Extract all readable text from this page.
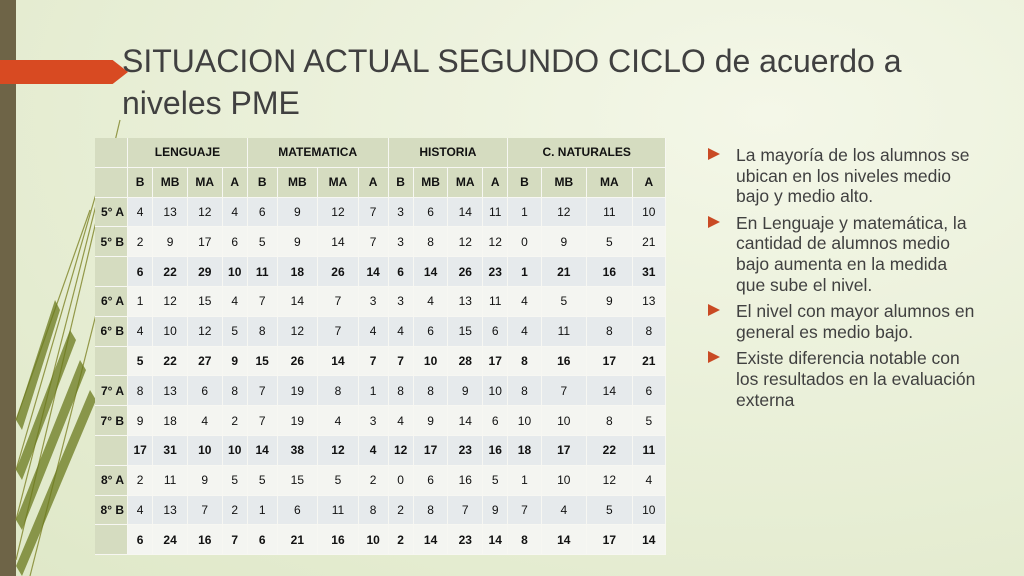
SITUACION ACTUAL SEGUNDO CICLO de acuerdo a niveles PME
	LENGUAJE				MATEMATICA				HISTORIA				C. NATURALES			
	B	MB	MA	A	B	MB	MA	A	B	MB	MA	A	B	MB	MA	A
5° A	4	13	12	4	6	9	12	7	3	6	14	11	1	12	11	10
5° B	2	9	17	6	5	9	14	7	3	8	12	12	0	9	5	21
	6	22	29	10	11	18	26	14	6	14	26	23	1	21	16	31
6° A	1	12	15	4	7	14	7	3	3	4	13	11	4	5	9	13
6° B	4	10	12	5	8	12	7	4	4	6	15	6	4	11	8	8
	5	22	27	9	15	26	14	7	7	10	28	17	8	16	17	21
7° A	8	13	6	8	7	19	8	1	8	8	9	10	8	7	14	6
7° B	9	18	4	2	7	19	4	3	4	9	14	6	10	10	8	5
	17	31	10	10	14	38	12	4	12	17	23	16	18	17	22	11
8° A	2	11	9	5	5	15	5	2	0	6	16	5	1	10	12	4
8° B	4	13	7	2	1	6	11	8	2	8	7	9	7	4	5	10
	6	24	16	7	6	21	16	10	2	14	23	14	8	14	17	14
La mayoría de los alumnos se ubican en los niveles medio bajo y medio alto.
En Lenguaje y matemática, la cantidad de alumnos medio bajo aumenta en la medida que sube el nivel.
El nivel con mayor alumnos en general es medio bajo.
Existe diferencia notable con los resultados en la evaluación externa
